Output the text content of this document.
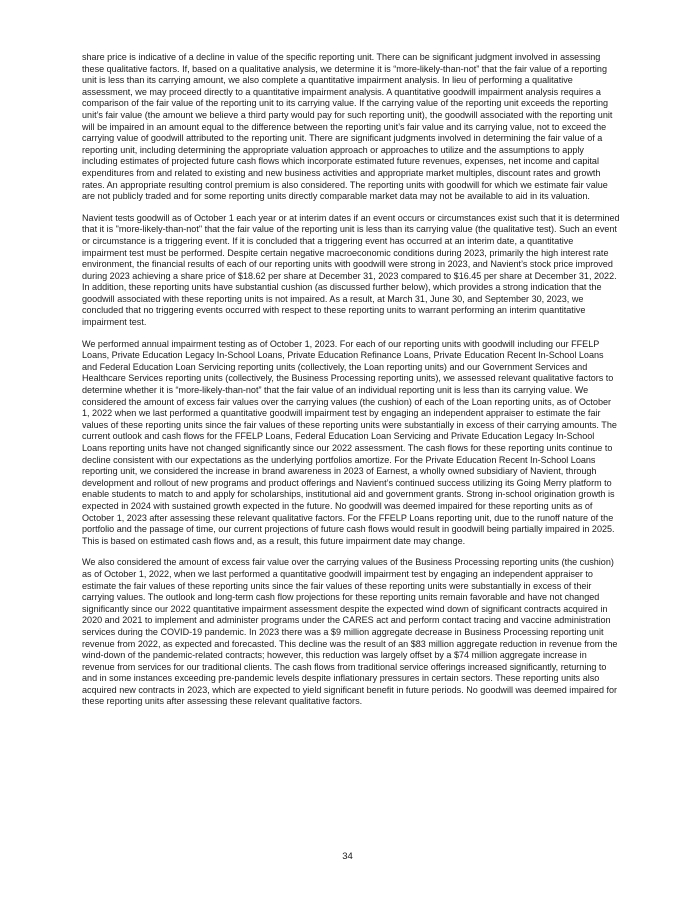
share price is indicative of a decline in value of the specific reporting unit. There can be significant judgment involved in assessing these qualitative factors. If, based on a qualitative analysis, we determine it is “more-likely-than-not” that the fair value of a reporting unit is less than its carrying amount, we also complete a quantitative impairment analysis. In lieu of performing a qualitative assessment, we may proceed directly to a quantitative impairment analysis. A quantitative goodwill impairment analysis requires a comparison of the fair value of the reporting unit to its carrying value. If the carrying value of the reporting unit exceeds the reporting unit’s fair value (the amount we believe a third party would pay for such reporting unit), the goodwill associated with the reporting unit will be impaired in an amount equal to the difference between the reporting unit’s fair value and its carrying value, not to exceed the carrying value of goodwill attributed to the reporting unit. There are significant judgments involved in determining the fair value of a reporting unit, including determining the appropriate valuation approach or approaches to utilize and the assumptions to apply including estimates of projected future cash flows which incorporate estimated future revenues, expenses, net income and capital expenditures from and related to existing and new business activities and appropriate market multiples, discount rates and growth rates. An appropriate resulting control premium is also considered. The reporting units with goodwill for which we estimate fair value are not publicly traded and for some reporting units directly comparable market data may not be available to aid in its valuation.

Navient tests goodwill as of October 1 each year or at interim dates if an event occurs or circumstances exist such that it is determined that it is "more-likely-than-not" that the fair value of the reporting unit is less than its carrying value (the qualitative test). Such an event or circumstance is a triggering event. If it is concluded that a triggering event has occurred at an interim date, a quantitative impairment test must be performed. Despite certain negative macroeconomic conditions during 2023, primarily the high interest rate environment, the financial results of each of our reporting units with goodwill were strong in 2023, and Navient’s stock price improved during 2023 achieving a share price of $18.62 per share at December 31, 2023 compared to $16.45 per share at December 31, 2022. In addition, these reporting units have substantial cushion (as discussed further below), which provides a strong indication that the goodwill associated with these reporting units is not impaired. As a result, at March 31, June 30, and September 30, 2023, we concluded that no triggering events occurred with respect to these reporting units to warrant performing an interim quantitative impairment test.

We performed annual impairment testing as of October 1, 2023. For each of our reporting units with goodwill including our FFELP Loans, Private Education Legacy In-School Loans, Private Education Refinance Loans, Private Education Recent In-School Loans and Federal Education Loan Servicing reporting units (collectively, the Loan reporting units) and our Government Services and Healthcare Services reporting units (collectively, the Business Processing reporting units), we assessed relevant qualitative factors to determine whether it is “more-likely-than-not” that the fair value of an individual reporting unit is less than its carrying value. We considered the amount of excess fair values over the carrying values (the cushion) of each of the Loan reporting units, as of October 1, 2022 when we last performed a quantitative goodwill impairment test by engaging an independent appraiser to estimate the fair values of these reporting units since the fair values of these reporting units were substantially in excess of their carrying amounts. The current outlook and cash flows for the FFELP Loans, Federal Education Loan Servicing and Private Education Legacy In-School Loans reporting units have not changed significantly since our 2022 assessment. The cash flows for these reporting units continue to decline consistent with our expectations as the underlying portfolios amortize. For the Private Education Recent In-School Loans reporting unit, we considered the increase in brand awareness in 2023 of Earnest, a wholly owned subsidiary of Navient, through development and rollout of new programs and product offerings and Navient’s continued success utilizing its Going Merry platform to enable students to match to and apply for scholarships, institutional aid and government grants. Strong in-school origination growth is expected in 2024 with sustained growth expected in the future. No goodwill was deemed impaired for these reporting units as of October 1, 2023 after assessing these relevant qualitative factors. For the FFELP Loans reporting unit, due to the runoff nature of the portfolio and the passage of time, our current projections of future cash flows would result in goodwill being partially impaired in 2025. This is based on estimated cash flows and, as a result, this future impairment date may change.

We also considered the amount of excess fair value over the carrying values of the Business Processing reporting units (the cushion) as of October 1, 2022, when we last performed a quantitative goodwill impairment test by engaging an independent appraiser to estimate the fair values of these reporting units since the fair values of these reporting units were substantially in excess of their carrying values. The outlook and long-term cash flow projections for these reporting units remain favorable and have not changed significantly since our 2022 quantitative impairment assessment despite the expected wind down of significant contracts acquired in 2020 and 2021 to implement and administer programs under the CARES act and perform contact tracing and vaccine administration services during the COVID-19 pandemic. In 2023 there was a $9 million aggregate decrease in Business Processing reporting unit revenue from 2022, as expected and forecasted. This decline was the result of an $83 million aggregate reduction in revenue from the wind-down of the pandemic-related contracts; however, this reduction was largely offset by a $74 million aggregate increase in revenue from services for our traditional clients. The cash flows from traditional service offerings increased significantly, returning to and in some instances exceeding pre-pandemic levels despite inflationary pressures in certain sectors. These reporting units also acquired new contracts in 2023, which are expected to yield significant benefit in future periods. No goodwill was deemed impaired for these reporting units after assessing these relevant qualitative factors.

34
